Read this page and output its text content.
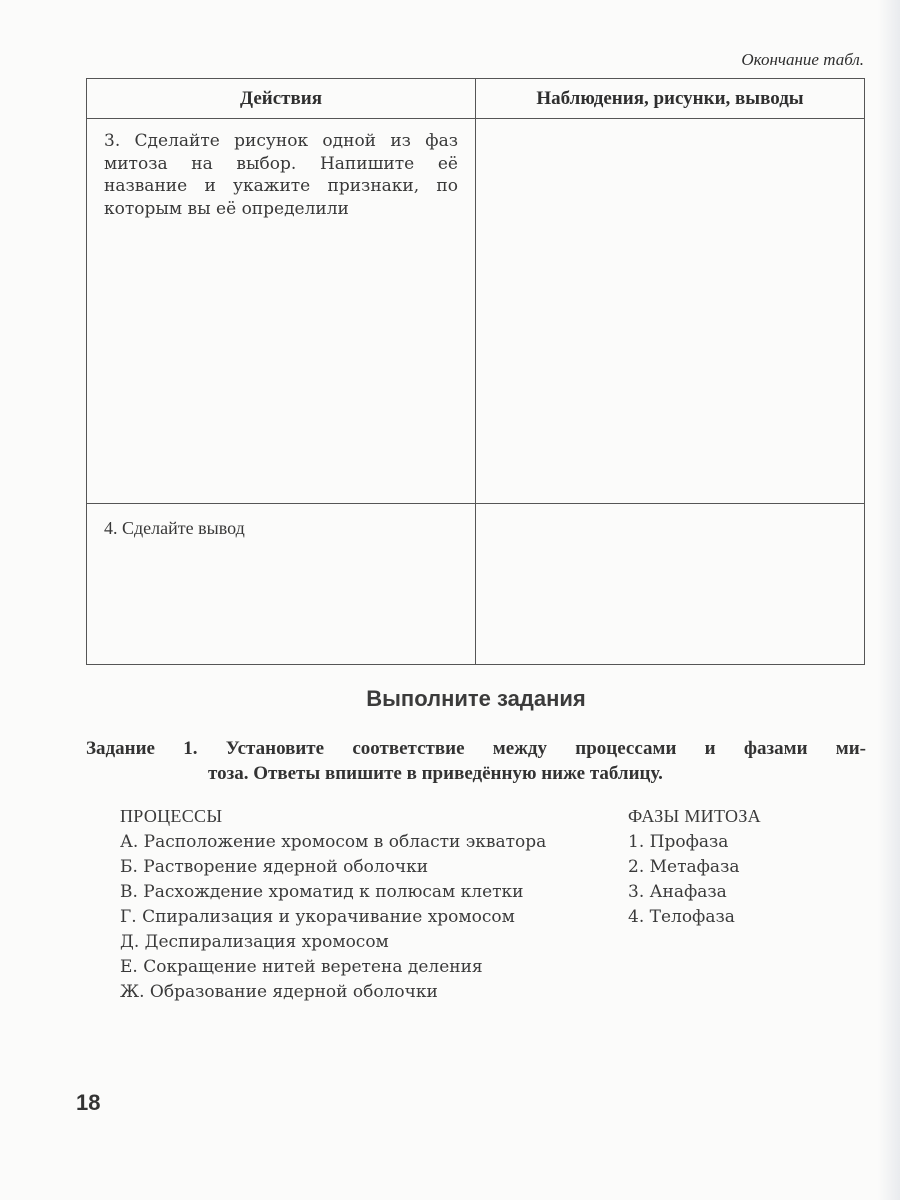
Окончание табл.
Действия	Наблюдения, рисунки, выводы

3. Сделайте рисунок одной из фаз митоза на выбор. Напишите её название и укажите признаки, по которым вы её определили	

4. Сделайте вывод	

Выполните задания
Задание 1. Установите соответствие между процессами и фазами ми-
тоза. Ответы впишите в приведённую ниже таблицу.
ПРОЦЕССЫ
А. Расположение хромосом в области экватора
Б. Растворение ядерной оболочки
В. Расхождение хроматид к полюсам клетки
Г. Спирализация и укорачивание хромосом
Д. Деспирализация хромосом
Е. Сокращение нитей веретена деления
Ж. Образование ядерной оболочки
ФАЗЫ МИТОЗА
1. Профаза
2. Метафаза
3. Анафаза
4. Телофаза
18
